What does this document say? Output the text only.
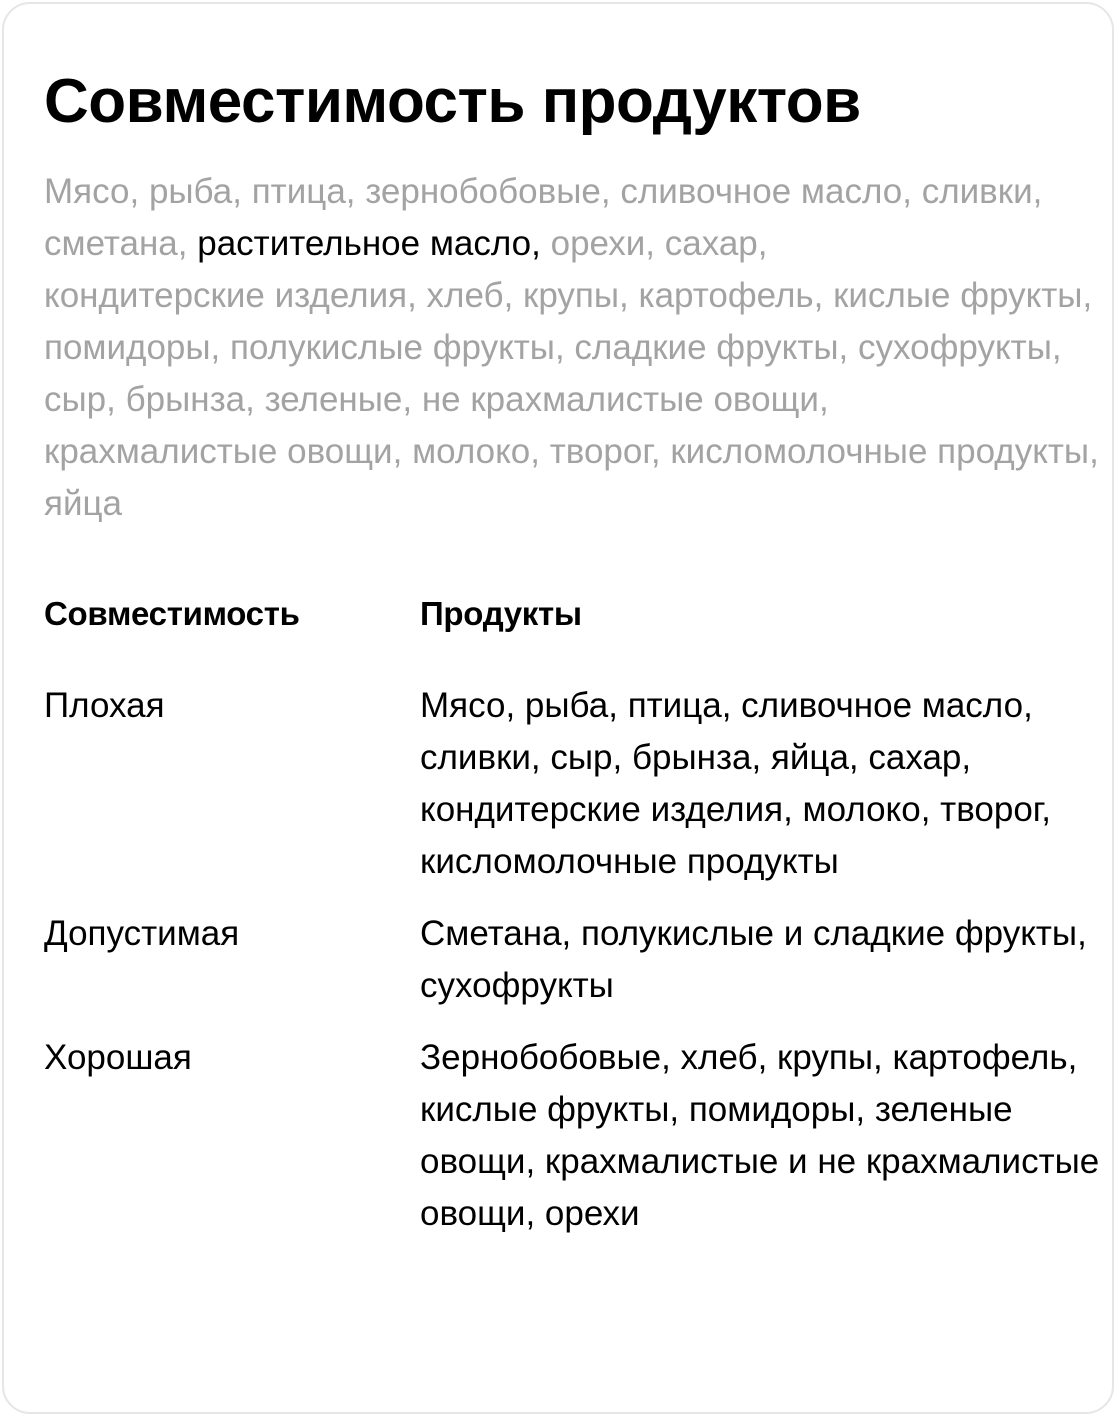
Совместимость продуктов

Мясо, рыба, птица, зернобобовые, сливочное масло, сливки, сметана, растительное масло, орехи, сахар, кондитерские изделия, хлеб, крупы, картофель, кислые фрукты, помидоры, полукислые фрукты, сладкие фрукты, сухофрукты, сыр, брынза, зеленые, не крахмалистые овощи, крахмалистые овощи, молоко, творог, кисломолочные продукты, яйца

Совместимость	Продукты
Плохая	Мясо, рыба, птица, сливочное масло, сливки, сыр, брынза, яйца, сахар, кондитерские изделия, молоко, творог, кисломолочные продукты
Допустимая	Сметана, полукислые и сладкие фрукты, сухофрукты
Хорошая	Зернобобовые, хлеб, крупы, картофель, кислые фрукты, помидоры, зеленые овощи, крахмалистые и не крахмалистые овощи, орехи
